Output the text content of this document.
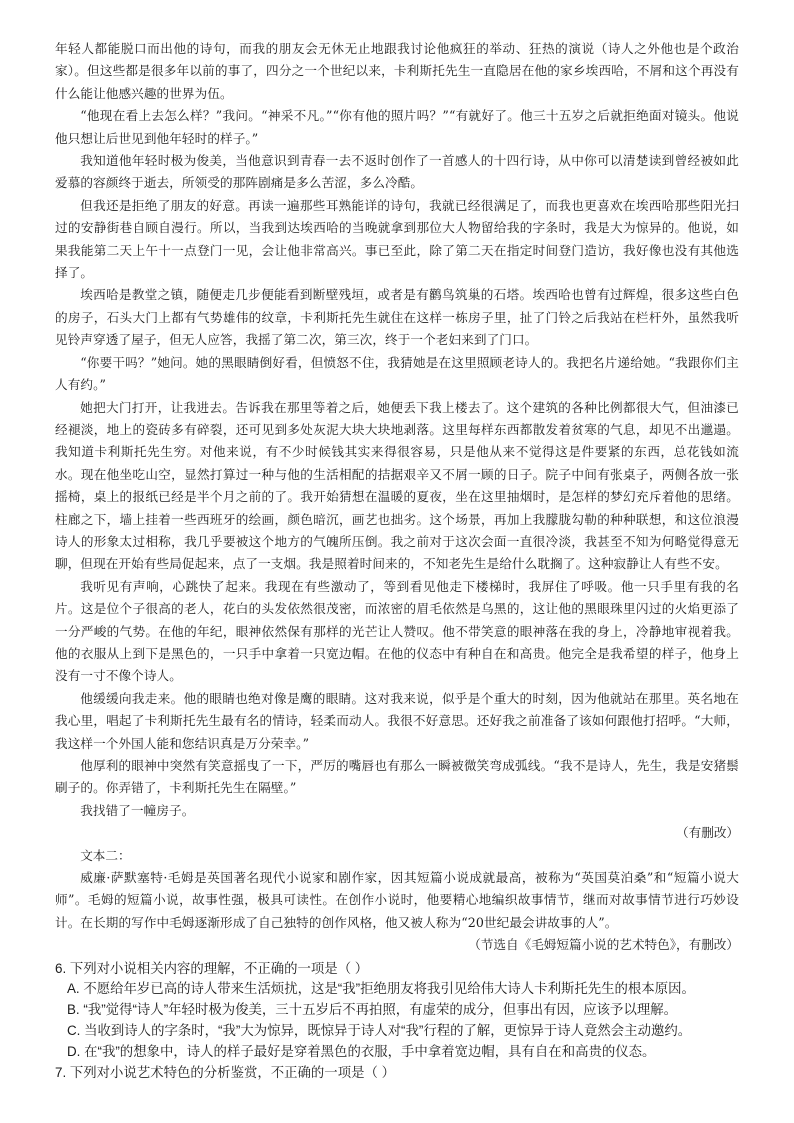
年轻人都能脱口而出他的诗句，而我的朋友会无休无止地跟我讨论他疯狂的举动、狂热的演说（诗人之外他也是个政治家）。但这些都是很多年以前的事了，四分之一个世纪以来，卡利斯托先生一直隐居在他的家乡埃西哈，不屑和这个再没有什么能让他感兴趣的世界为伍。

“他现在看上去怎么样？”我问。“神采不凡。”“你有他的照片吗？”“有就好了。他三十五岁之后就拒绝面对镜头。他说他只想让后世见到他年轻时的样子。”

我知道他年轻时极为俊美，当他意识到青春一去不返时创作了一首感人的十四行诗，从中你可以清楚读到曾经被如此爱慕的容颜终于逝去，所领受的那阵剧痛是多么苦涩，多么冷酷。

但我还是拒绝了朋友的好意。再读一遍那些耳熟能详的诗句，我就已经很满足了，而我也更喜欢在埃西哈那些阳光扫过的安静街巷自顾自漫行。所以，当我到达埃西哈的当晚就拿到那位大人物留给我的字条时，我是大为惊异的。他说，如果我能第二天上午十一点登门一见，会让他非常高兴。事已至此，除了第二天在指定时间登门造访，我好像也没有其他选择了。

埃西哈是教堂之镇，随便走几步便能看到断壁残垣，或者是有鹳鸟筑巢的石塔。埃西哈也曾有过辉煌，很多这些白色的房子，石头大门上都有气势雄伟的纹章，卡利斯托先生就住在这样一栋房子里，扯了门铃之后我站在栏杆外，虽然我听见铃声穿透了屋子，但无人应答，我摇了第二次，第三次，终于一个老妇来到了门口。

“你要干吗？”她问。她的黑眼睛倒好看，但愤怒不住，我猜她是在这里照顾老诗人的。我把名片递给她。“我跟你们主人有约。”

她把大门打开，让我进去。告诉我在那里等着之后，她便丢下我上楼去了。这个建筑的各种比例都很大气，但油漆已经褪淡，地上的瓷砖多有碎裂，还可见到多处灰泥大块大块地剥落。这里每样东西都散发着贫寒的气息，却见不出邋遢。我知道卡利斯托先生穷。对他来说，有不少时候钱其实来得很容易，只是他从来不觉得这是件要紧的东西，总花钱如流水。现在他坐吃山空，显然打算过一种与他的生活相配的拮据艰辛又不屑一顾的日子。院子中间有张桌子，两侧各放一张摇椅，桌上的报纸已经是半个月之前的了。我开始猜想在温暖的夏夜，坐在这里抽烟时，是怎样的梦幻充斥着他的思绪。柱廊之下，墙上挂着一些西班牙的绘画，颜色暗沉，画艺也拙劣。这个场景，再加上我朦胧勾勒的种种联想，和这位浪漫诗人的形象太过相称，我几乎要被这个地方的气魄所压倒。我之前对于这次会面一直很冷淡，我甚至不知为何略觉得意无聊，但现在开始有些局促起来，点了一支烟。我是照着时间来的，不知老先生是给什么耽搁了。这种寂静让人有些不安。

我听见有声响，心跳快了起来。我现在有些激动了，等到看见他走下楼梯时，我屏住了呼吸。他一只手里有我的名片。这是位个子很高的老人，花白的头发依然很茂密，而浓密的眉毛依然是乌黑的，这让他的黑眼珠里闪过的火焰更添了一分严峻的气势。在他的年纪，眼神依然保有那样的光芒让人赞叹。他不带笑意的眼神落在我的身上，冷静地审视着我。他的衣服从上到下是黑色的，一只手中拿着一只宽边帽。在他的仪态中有种自在和高贵。他完全是我希望的样子，他身上没有一寸不像个诗人。

他缓缓向我走来。他的眼睛也绝对像是鹰的眼睛。这对我来说，似乎是个重大的时刻，因为他就站在那里。英名地在我心里，唱起了卡利斯托先生最有名的情诗，轻柔而动人。我很不好意思。还好我之前准备了该如何跟他打招呼。“大师，我这样一个外国人能和您结识真是万分荣幸。”

他厚利的眼神中突然有笑意摇曳了一下，严厉的嘴唇也有那么一瞬被微笑弯成弧线。“我不是诗人，先生，我是安猪鬃刷子的。你弄错了，卡利斯托先生在隔壁。”

我找错了一幢房子。

（有删改）

文本二：

威廉·萨默塞特·毛姆是英国著名现代小说家和剧作家，因其短篇小说成就最高，被称为“英国莫泊桑”和“短篇小说大师”。毛姆的短篇小说，故事性强，极具可读性。在创作小说时，他要精心地编织故事情节，继而对故事情节进行巧妙设计。在长期的写作中毛姆逐渐形成了自己独特的创作风格，他又被人称为“20世纪最会讲故事的人”。

（节选自《毛姆短篇小说的艺术特色》，有删改）

6. 下列对小说相关内容的理解，不正确的一项是（ ）

A. 不愿给年岁已高的诗人带来生活烦扰，这是“我”拒绝朋友将我引见给伟大诗人卡利斯托先生的根本原因。

B. “我”觉得“诗人”年轻时极为俊美，三十五岁后不再拍照，有虚荣的成分，但事出有因，应该予以理解。

C. 当收到诗人的字条时，“我”大为惊异，既惊异于诗人对“我”行程的了解，更惊异于诗人竟然会主动邀约。

D. 在“我”的想象中，诗人的样子最好是穿着黑色的衣服，手中拿着宽边帽，具有自在和高贵的仪态。

7. 下列对小说艺术特色的分析鉴赏，不正确的一项是（ ）
